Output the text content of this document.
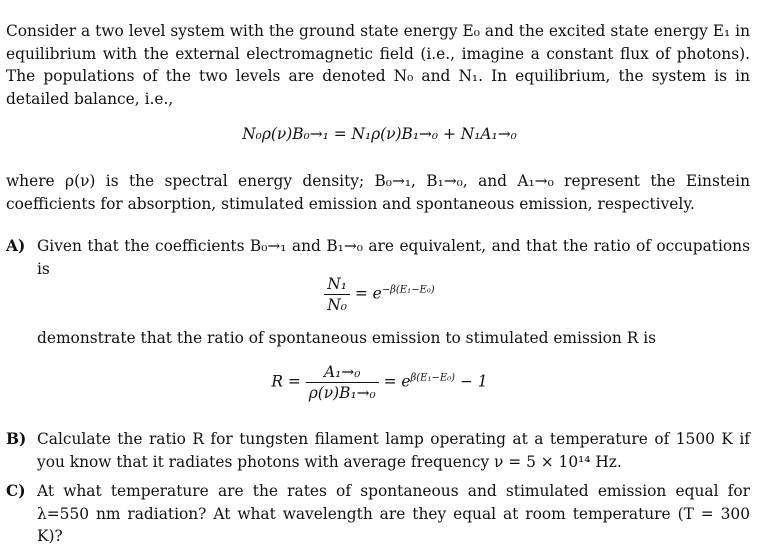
Consider a two level system with the ground state energy E₀ and the excited state energy E₁ in equilibrium with the external electromagnetic field (i.e., imagine a constant flux of photons). The populations of the two levels are denoted N₀ and N₁. In equilibrium, the system is in detailed balance, i.e.,
N₀ρ(ν)B₀→₁ = N₁ρ(ν)B₁→₀ + N₁A₁→₀
where ρ(ν) is the spectral energy density; B₀→₁, B₁→₀, and A₁→₀ represent the Einstein coefficients for absorption, stimulated emission and spontaneous emission, respectively.
A) Given that the coefficients B₀→₁ and B₁→₀ are equivalent, and that the ratio of occupations is
$\frac{\text{N₁}}{\text{N₀}} = e^{-\beta(E_1-E_0)}$
demonstrate that the ratio of spontaneous emission to stimulated emission R is
$R = \frac{\text{A₁→₀}}{\text{ρ(ν)B₁→₀}} = e^{\beta(E_1-E_0)} - 1$
B) Calculate the ratio R for tungsten filament lamp operating at a temperature of 1500 K if you know that it radiates photons with average frequency ν = 5 × 10¹⁴ Hz.
C) At what temperature are the rates of spontaneous and stimulated emission equal for λ=550 nm radiation? At what wavelength are they equal at room temperature (T = 300 K)?
